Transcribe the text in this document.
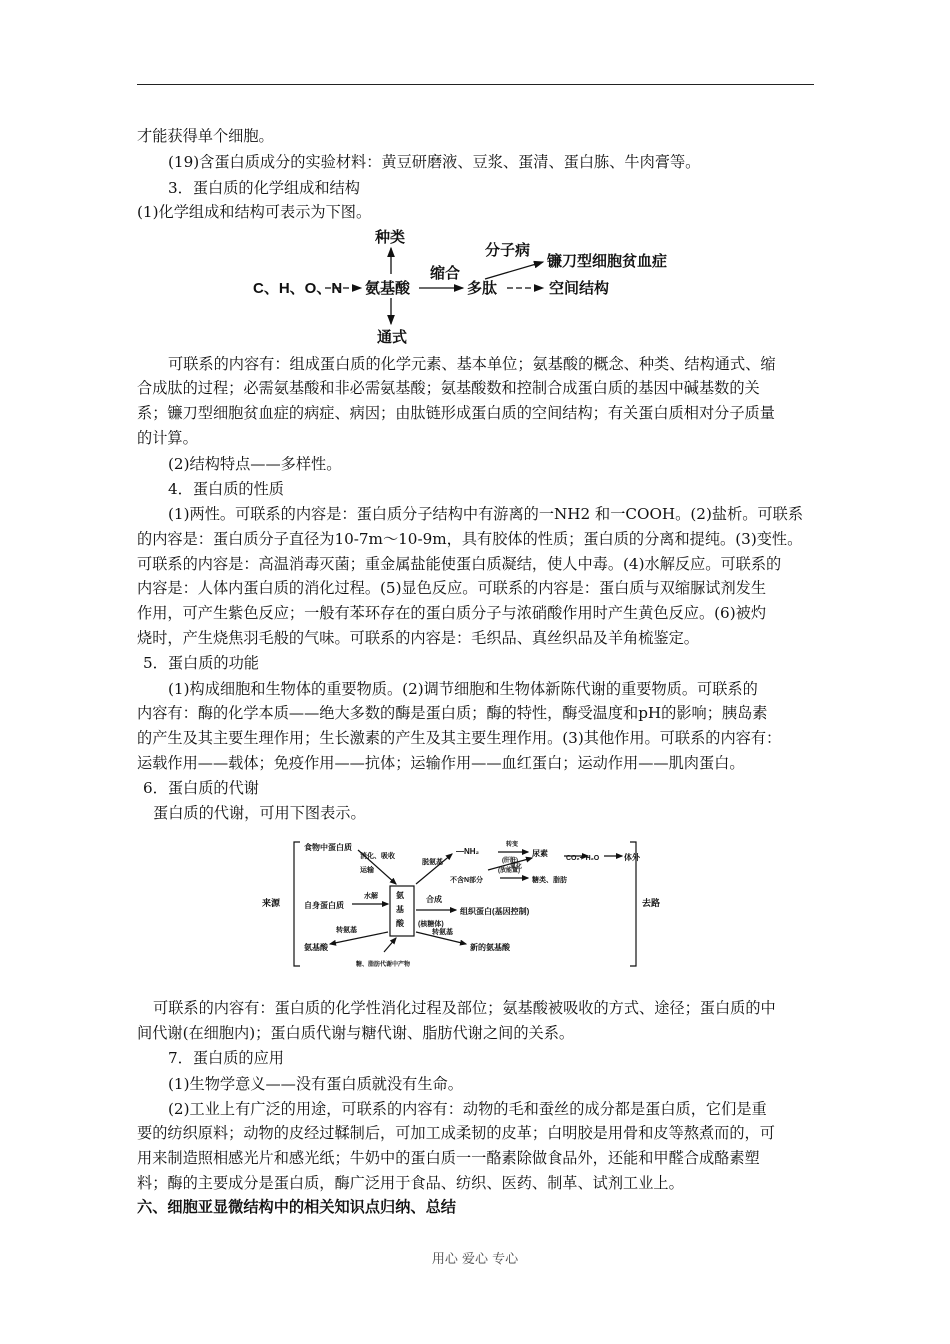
才能获得单个细胞。
(19)含蛋白质成分的实验材料：黄豆研磨液、豆浆、蛋清、蛋白胨、牛肉膏等。
3．蛋白质的化学组成和结构
(1)化学组成和结构可表示为下图。
C、H、O、N
种类
氨基酸
通式
缩合
多肽
分子病
镰刀型细胞贫血症
空间结构
可联系的内容有：组成蛋白质的化学元素、基本单位；氨基酸的概念、种类、结构通式、缩
合成肽的过程；必需氨基酸和非必需氨基酸；氨基酸数和控制合成蛋白质的基因中碱基数的关
系；镰刀型细胞贫血症的病症、病因；由肽链形成蛋白质的空间结构；有关蛋白质相对分子质量
的计算。
(2)结构特点——多样性。
4．蛋白质的性质
(1)两性。可联系的内容是：蛋白质分子结构中有游离的一NH2 和一COOH。(2)盐析。可联系
的内容是：蛋白质分子直径为10-7m～10-9m，具有胶体的性质；蛋白质的分离和提纯。(3)变性。
可联系的内容是：高温消毒灭菌；重金属盐能使蛋白质凝结，使人中毒。(4)水解反应。可联系的
内容是：人体内蛋白质的消化过程。(5)显色反应。可联系的内容是：蛋白质与双缩脲试剂发生
作用，可产生紫色反应；一般有苯环存在的蛋白质分子与浓硝酸作用时产生黄色反应。(6)被灼
烧时，产生烧焦羽毛般的气味。可联系的内容是：毛织品、真丝织品及羊角梳鉴定。
5．蛋白质的功能
(1)构成细胞和生物体的重要物质。(2)调节细胞和生物体新陈代谢的重要物质。可联系的
内容有：酶的化学本质——绝大多数的酶是蛋白质；酶的特性，酶受温度和pH的影响；胰岛素
的产生及其主要生理作用；生长激素的产生及其主要生理作用。(3)其他作用。可联系的内容有：
运载作用——载体；免疫作用——抗体；运输作用——血红蛋白；运动作用——肌肉蛋白。
6．蛋白质的代谢
蛋白质的代谢，可用下图表示。
来源	去路
食物中蛋白质
消化、吸收
运输
自身蛋白质
水解 氨
基
酸
脱氨基
—NH₂
转变
(肝脏)
尿素
CO₂+ H₂O	体外
氧化
(放能量)
不含N部分	糖类、脂肪
合成
(核糖体)
组织蛋白(基因控制)
转氨基	转氨基
氨基酸	新的氨基酸
糖、脂肪代谢中产物
可联系的内容有：蛋白质的化学性消化过程及部位；氨基酸被吸收的方式、途径；蛋白质的中
间代谢(在细胞内)；蛋白质代谢与糖代谢、脂肪代谢之间的关系。
7．蛋白质的应用
(1)生物学意义——没有蛋白质就没有生命。
(2)工业上有广泛的用途，可联系的内容有：动物的毛和蚕丝的成分都是蛋白质，它们是重
要的纺织原料；动物的皮经过鞣制后，可加工成柔韧的皮革；白明胶是用骨和皮等熬煮而的，可
用来制造照相感光片和感光纸；牛奶中的蛋白质一一酪素除做食品外，还能和甲醛合成酪素塑
料；酶的主要成分是蛋白质，酶广泛用于食品、纺织、医药、制革、试剂工业上。
六、细胞亚显微结构中的相关知识点归纳、总结
用心 爱心 专心
